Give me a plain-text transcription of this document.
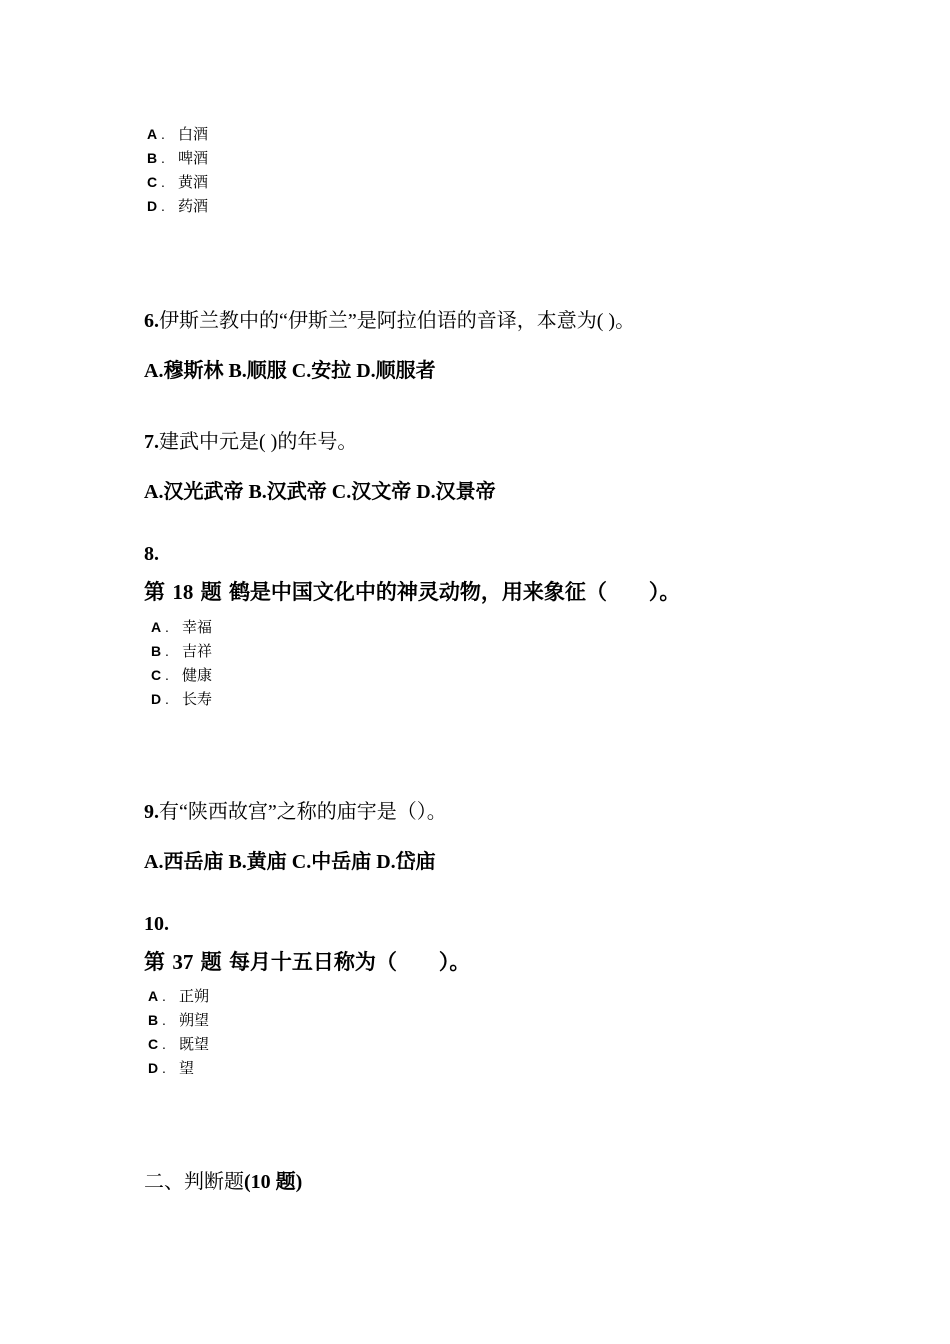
A . 白酒
B . 啤酒
C . 黄酒
D . 药酒

6.伊斯兰教中的“伊斯兰”是阿拉伯语的音译，本意为( )。

A.穆斯林 B.顺服 C.安拉 D.顺服者

7.建武中元是( )的年号。

A.汉光武帝 B.汉武帝 C.汉文帝 D.汉景帝

8.

第 18 题 鹤是中国文化中的神灵动物，用来象征（　　）。

A . 幸福
B . 吉祥
C . 健康
D . 长寿

9.有“陕西故宫”之称的庙宇是（）。

A.西岳庙 B.黄庙 C.中岳庙 D.岱庙

10.

第 37 题 每月十五日称为（　　）。

A . 正朔
B . 朔望
C . 既望
D . 望

二、判断题(10 题)
